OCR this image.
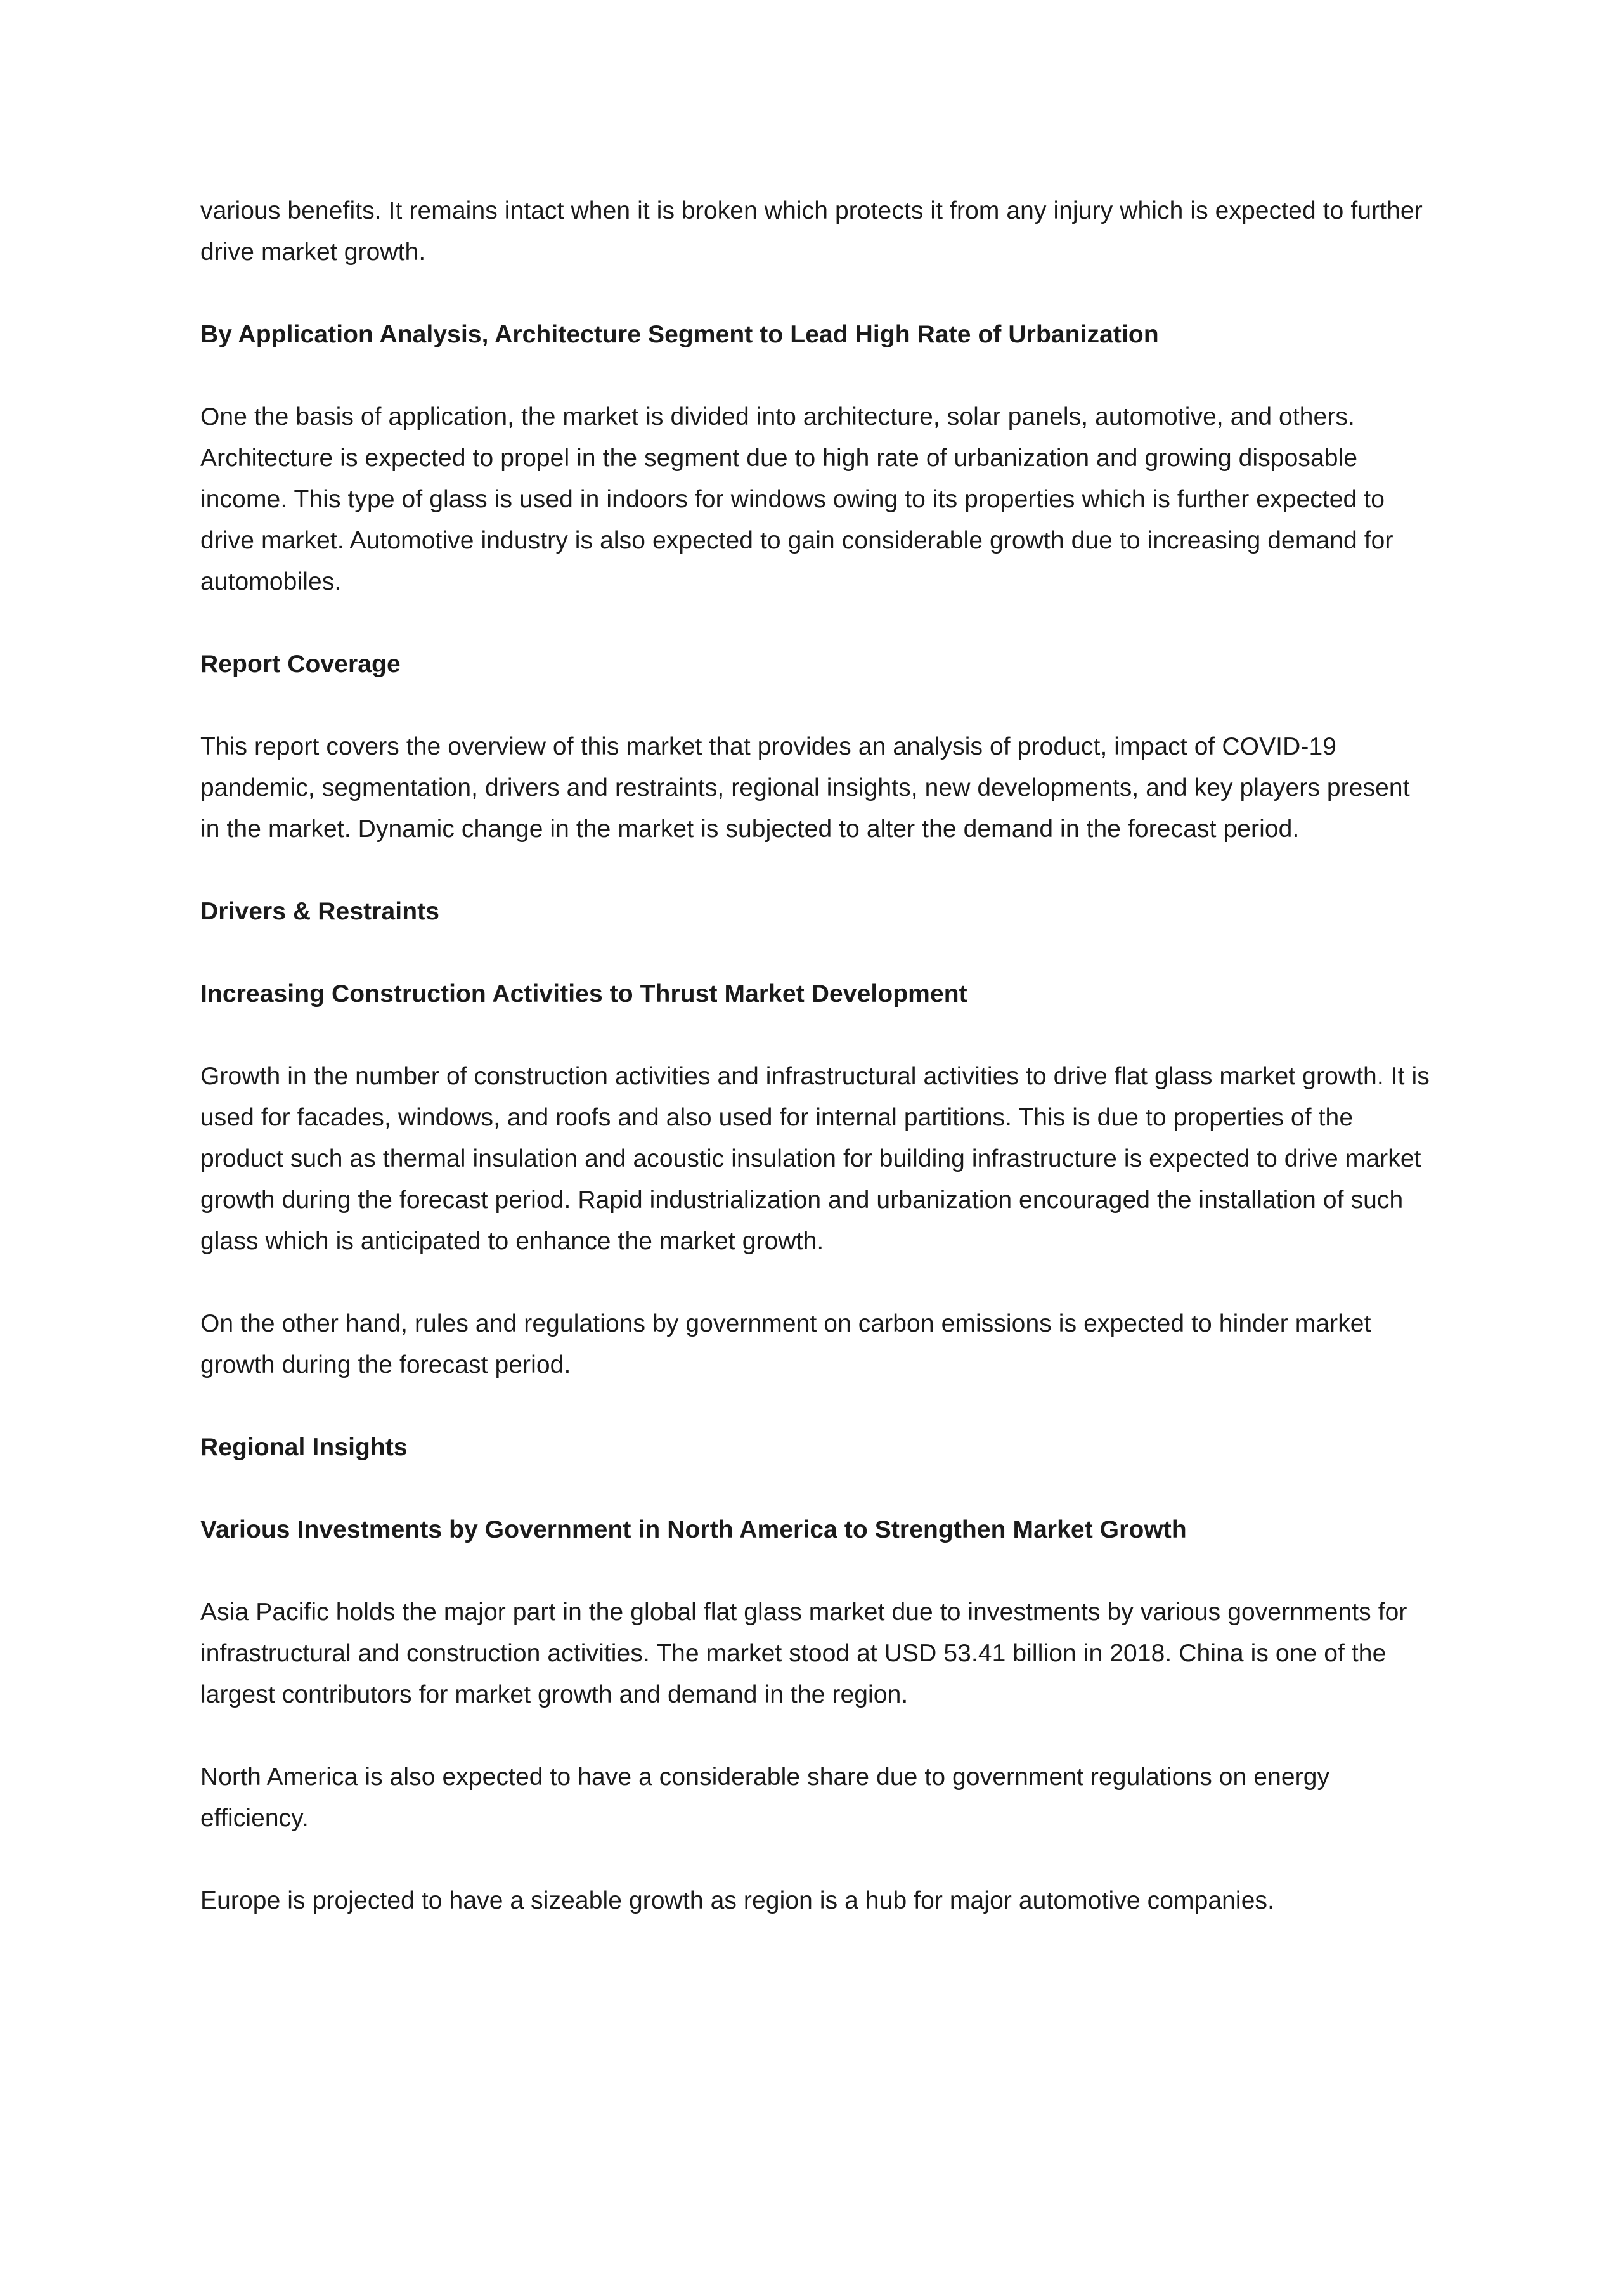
various benefits. It remains intact when it is broken which protects it from any injury which is expected to further drive market growth.

By Application Analysis, Architecture Segment to Lead High Rate of Urbanization

One the basis of application, the market is divided into architecture, solar panels, automotive, and others. Architecture is expected to propel in the segment due to high rate of urbanization and growing disposable income. This type of glass is used in indoors for windows owing to its properties which is further expected to drive market. Automotive industry is also expected to gain considerable growth due to increasing demand for automobiles.

Report Coverage

This report covers the overview of this market that provides an analysis of product, impact of COVID-19 pandemic, segmentation, drivers and restraints, regional insights, new developments, and key players present in the market. Dynamic change in the market is subjected to alter the demand in the forecast period.

Drivers & Restraints

Increasing Construction Activities to Thrust Market Development

Growth in the number of construction activities and infrastructural activities to drive flat glass market growth. It is used for facades, windows, and roofs and also used for internal partitions. This is due to properties of the product such as thermal insulation and acoustic insulation for building infrastructure is expected to drive market growth during the forecast period. Rapid industrialization and urbanization encouraged the installation of such glass which is anticipated to enhance the market growth.

On the other hand, rules and regulations by government on carbon emissions is expected to hinder market growth during the forecast period.

Regional Insights

Various Investments by Government in North America to Strengthen Market Growth

Asia Pacific holds the major part in the global flat glass market due to investments by various governments for infrastructural and construction activities. The market stood at USD 53.41 billion in 2018. China is one of the largest contributors for market growth and demand in the region.

North America is also expected to have a considerable share due to government regulations on energy efficiency.

Europe is projected to have a sizeable growth as region is a hub for major automotive companies.
